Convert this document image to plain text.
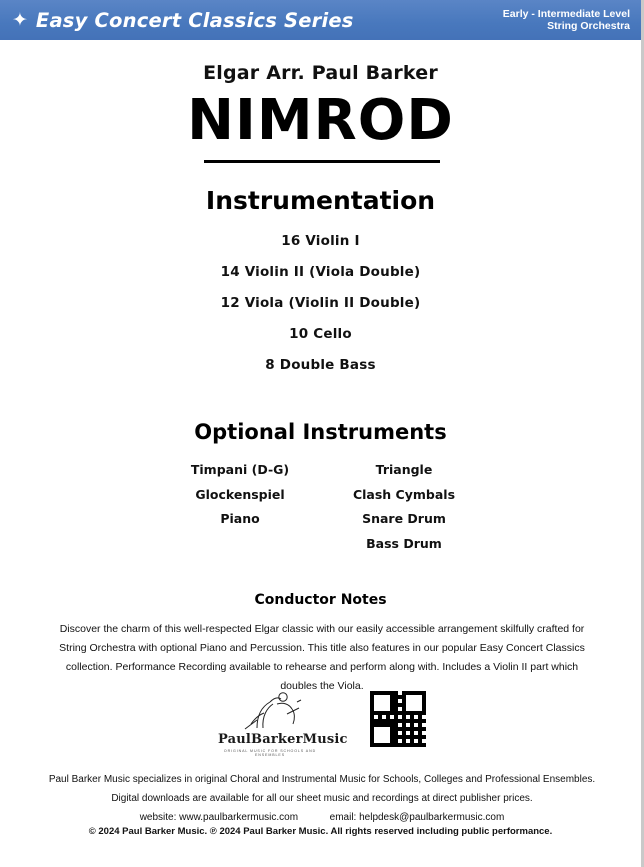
✦ Easy Concert Classics Series	Early - Intermediate Level
String Orchestra
Elgar Arr. Paul Barker
NIMROD
Instrumentation
16 Violin I
14 Violin II (Viola Double)
12 Viola (Violin II Double)
10 Cello
8 Double Bass
Optional Instruments
Timpani (D-G)
Glockenspiel
Piano
Triangle
Clash Cymbals
Snare Drum
Bass Drum
Conductor Notes
Discover the charm of this well-respected Elgar classic with our easily accessible arrangement skilfully crafted for String Orchestra with optional Piano and Percussion. This title also features in our popular Easy Concert Classics collection. Performance Recording available to rehearse and perform along with. Includes a Violin II part which doubles the Viola.
PaulBarkerMusic
ORIGINAL MUSIC FOR SCHOOLS AND ENSEMBLES
Paul Barker Music specializes in original Choral and Instrumental Music for Schools, Colleges and Professional Ensembles.
Digital downloads are available for all our sheet music and recordings at direct publisher prices.
website: www.paulbarkermusic.com	email: helpdesk@paulbarkermusic.com
© 2024 Paul Barker Music. ℗ 2024 Paul Barker Music. All rights reserved including public performance.
